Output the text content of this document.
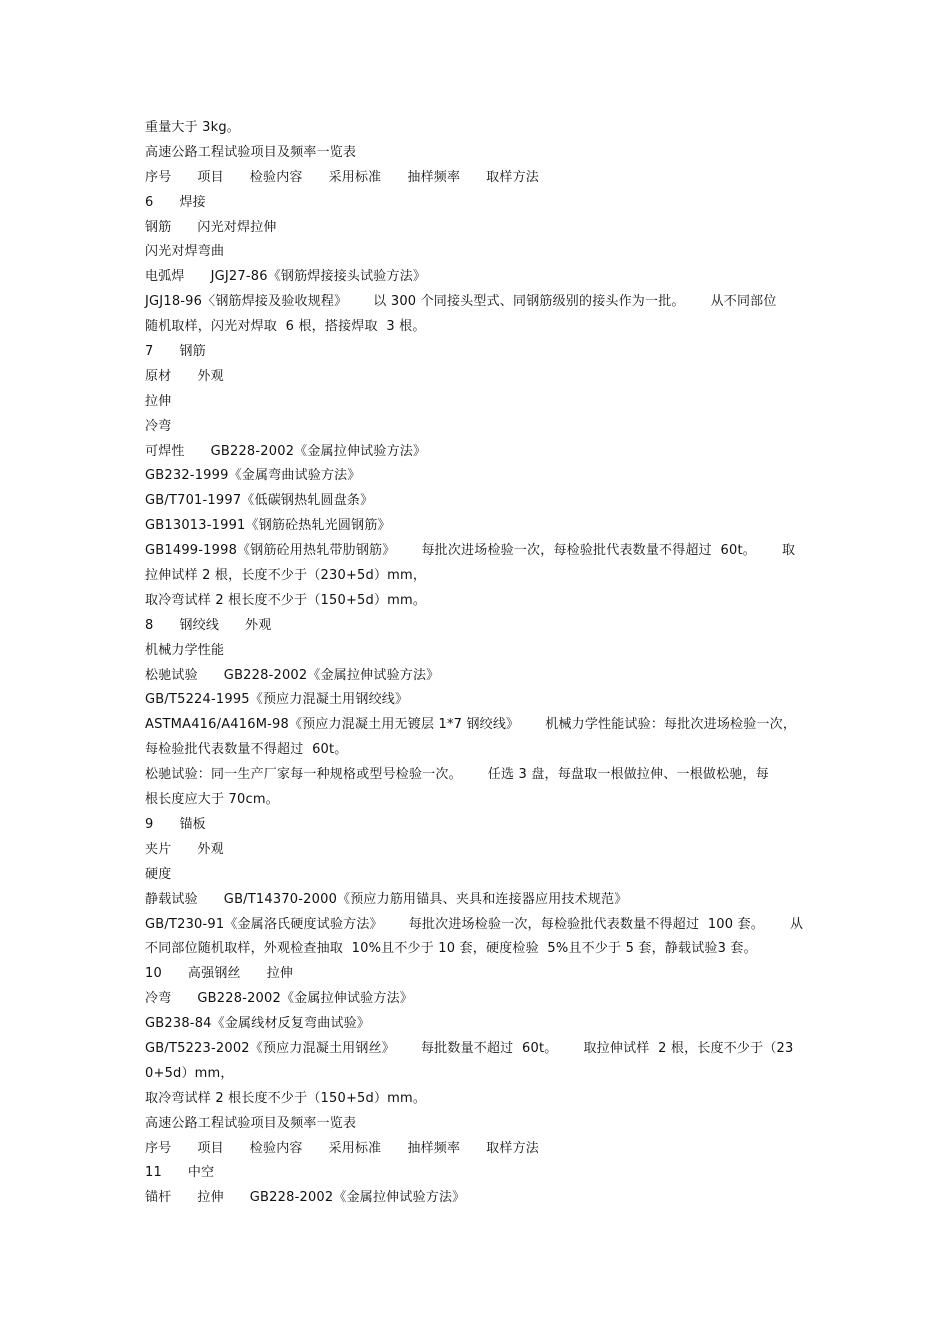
重量大于 3kg。
高速公路工程试验项目及频率一览表
序号      项目      检验内容      采用标准      抽样频率      取样方法
6      焊接
钢筋      闪光对焊拉伸
闪光对焊弯曲
电弧焊      JGJ27-86《钢筋焊接接头试验方法》
JGJ18-96〈钢筋焊接及验收规程》      以 300 个同接头型式、同钢筋级别的接头作为一批。      从不同部位
随机取样，闪光对焊取  6 根，搭接焊取  3 根。
7      钢筋
原材      外观
拉伸
冷弯
可焊性      GB228-2002《金属拉伸试验方法》
GB232-1999《金属弯曲试验方法》
GB/T701-1997《低碳钢热轧圆盘条》
GB13013-1991《钢筋砼热轧光圆钢筋》
GB1499-1998《钢筋砼用热轧带肋钢筋》      每批次进场检验一次，每检验批代表数量不得超过  60t。      取
拉伸试样 2 根，长度不少于（230+5d）mm，
取冷弯试样 2 根长度不少于（150+5d）mm。
8      钢绞线      外观
机械力学性能
松驰试验      GB228-2002《金属拉伸试验方法》
GB/T5224-1995《预应力混凝土用钢绞线》
ASTMA416/A416M-98《预应力混凝土用无镀层 1*7 钢绞线》      机械力学性能试验：每批次进场检验一次，
每检验批代表数量不得超过  60t。
松驰试验：同一生产厂家每一种规格或型号检验一次。      任选 3 盘，每盘取一根做拉伸、一根做松驰，每
根长度应大于 70cm。
9      锚板
夹片      外观
硬度
静载试验      GB/T14370-2000《预应力筋用锚具、夹具和连接器应用技术规范》
GB/T230-91《金属洛氏硬度试验方法》      每批次进场检验一次，每检验批代表数量不得超过  100 套。      从
不同部位随机取样，外观检查抽取  10%且不少于 10 套，硬度检验  5%且不少于 5 套，静载试验3 套。
10      高强钢丝      拉伸
冷弯      GB228-2002《金属拉伸试验方法》
GB238-84《金属线材反复弯曲试验》
GB/T5223-2002《预应力混凝土用钢丝》      每批数量不超过  60t。      取拉伸试样  2 根，长度不少于（23
0+5d）mm，
取冷弯试样 2 根长度不少于（150+5d）mm。
高速公路工程试验项目及频率一览表
序号      项目      检验内容      采用标准      抽样频率      取样方法
11      中空
锚杆      拉伸      GB228-2002《金属拉伸试验方法》
